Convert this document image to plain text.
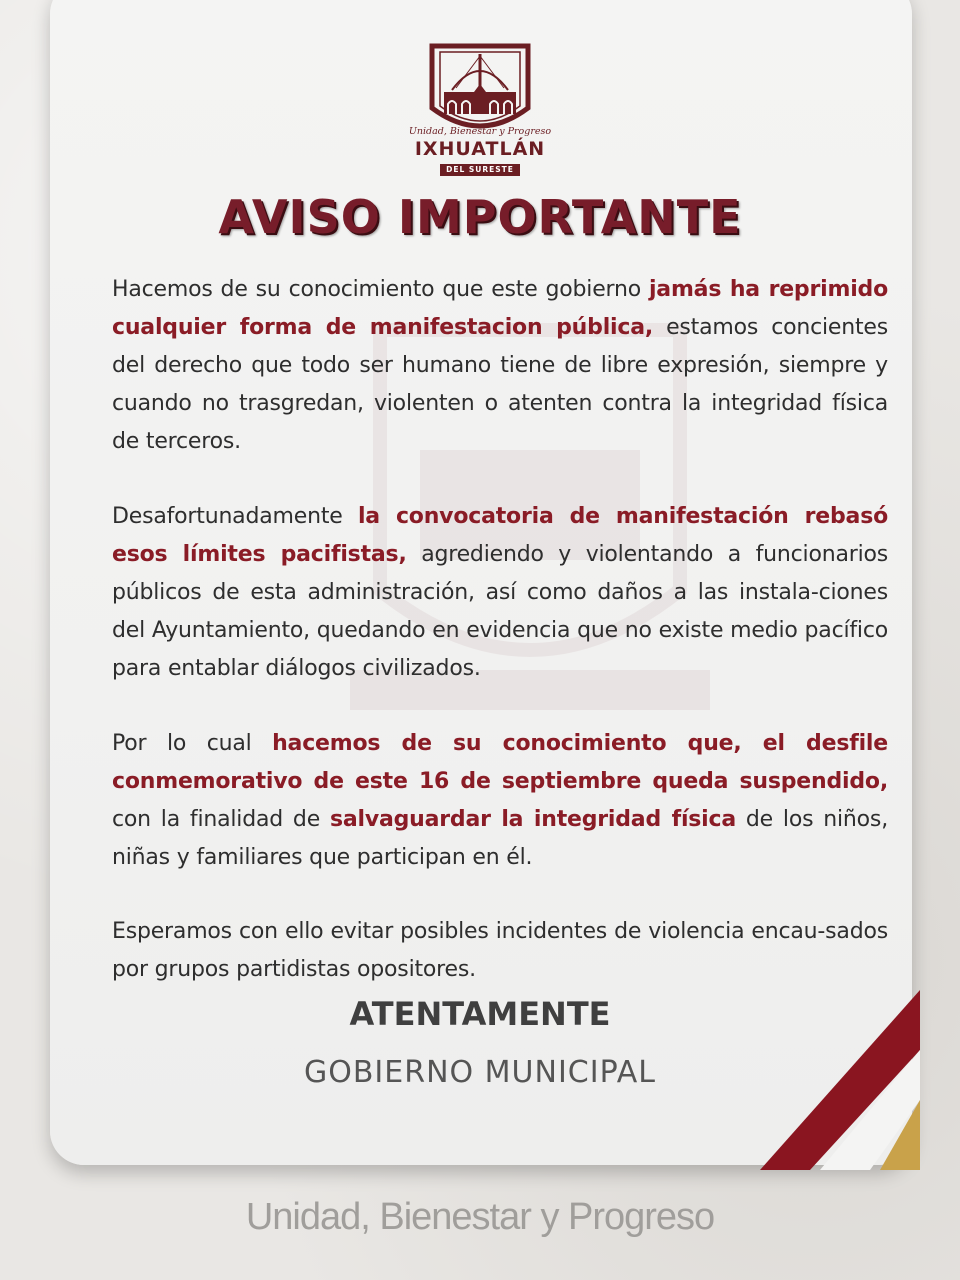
Unidad, Bienestar y Progreso
IXHUATLÁN
DEL SURESTE
AVISO IMPORTANTE

Hacemos de su conocimiento que este gobierno jamás ha reprimido cualquier forma de manifestacion pública, estamos concientes del derecho que todo ser humano tiene de libre expresión, siempre y cuando no trasgredan, violenten o atenten contra la integridad física de terceros.

Desafortunadamente la convocatoria de manifestación rebasó esos límites pacifistas, agrediendo y violentando a funcionarios públicos de esta administración, así como daños a las instala-ciones del Ayuntamiento, quedando en evidencia que no existe medio pacífico para entablar diálogos civilizados.

Por lo cual hacemos de su conocimiento que, el desfile conmemorativo de este 16 de septiembre queda suspendido, con la finalidad de salvaguardar la integridad física de los niños, niñas y familiares que participan en él.

Esperamos con ello evitar posibles incidentes de violencia encau-sados por grupos partidistas opositores.

ATENTAMENTE
GOBIERNO MUNICIPAL
Unidad, Bienestar y Progreso
